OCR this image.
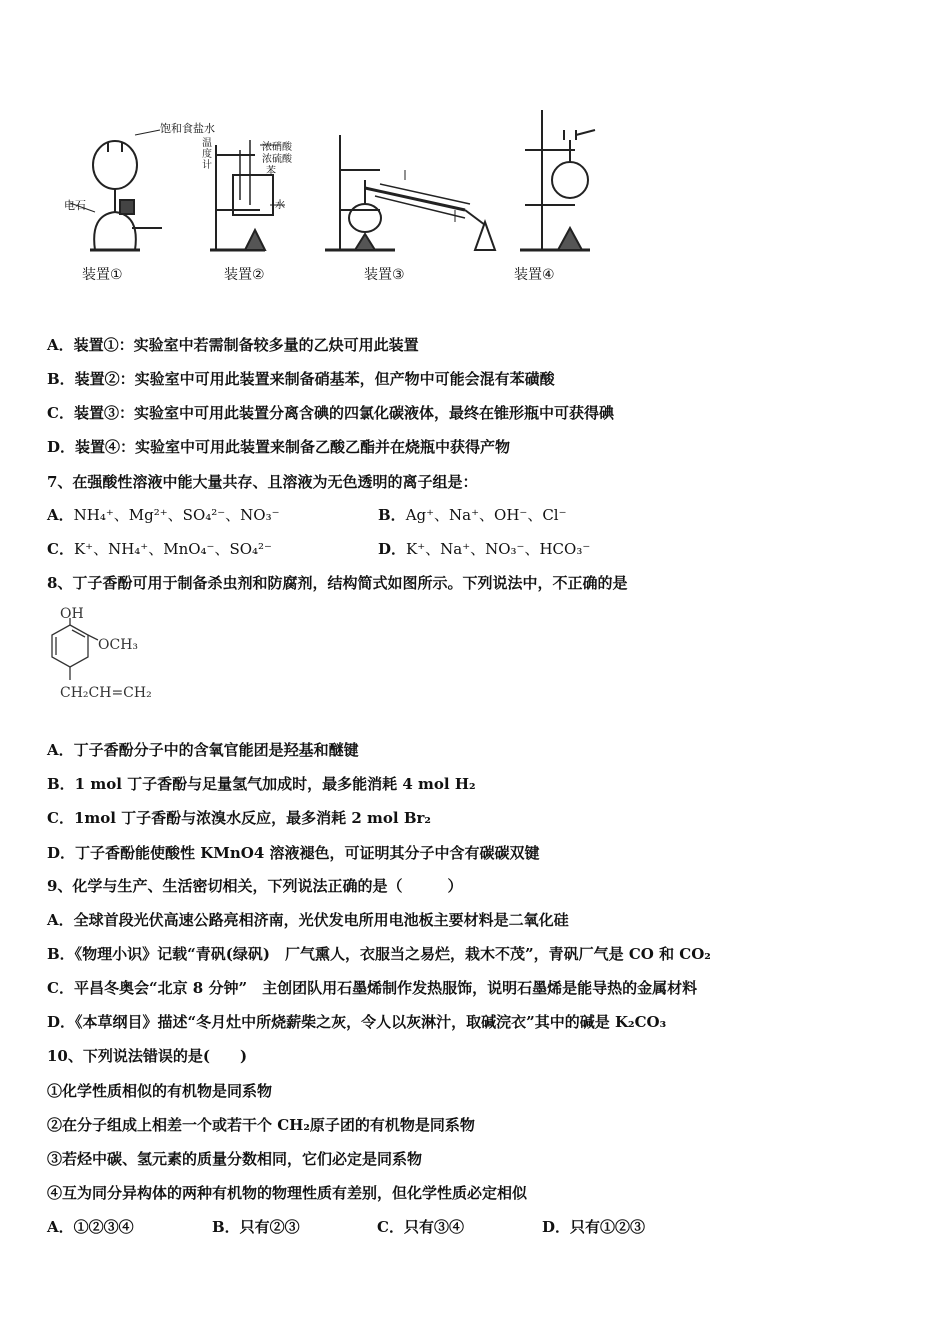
饱和食盐水
电石
温度计
浓硝酸
浓硫酸
苯
水
装置①	装置②	装置③	装置④
A．装置①：实验室中若需制备较多量的乙炔可用此装置
B．装置②：实验室中可用此装置来制备硝基苯，但产物中可能会混有苯磺酸
C．装置③：实验室中可用此装置分离含碘的四氯化碳液体，最终在锥形瓶中可获得碘
D．装置④：实验室中可用此装置来制备乙酸乙酯并在烧瓶中获得产物
7、在强酸性溶液中能大量共存、且溶液为无色透明的离子组是：
A．NH₄⁺、Mg²⁺、SO₄²⁻、NO₃⁻	B．Ag⁺、Na⁺、OH⁻、Cl⁻
C．K⁺、NH₄⁺、MnO₄⁻、SO₄²⁻	D．K⁺、Na⁺、NO₃⁻、HCO₃⁻
8、丁子香酚可用于制备杀虫剂和防腐剂，结构简式如图所示。下列说法中，不正确的是
OH
OCH₃
CH₂CH=CH₂
A．丁子香酚分子中的含氧官能团是羟基和醚键
B．1 mol 丁子香酚与足量氢气加成时，最多能消耗 4 mol H₂
C．1mol 丁子香酚与浓溴水反应，最多消耗 2 mol Br₂
D．丁子香酚能使酸性 KMnO4 溶液褪色，可证明其分子中含有碳碳双键
9、化学与生产、生活密切相关，下列说法正确的是（　　　）
A．全球首段光伏高速公路亮相济南，光伏发电所用电池板主要材料是二氧化硅
B．《物理小识》记载“青矾(绿矾)　厂气熏人，衣服当之易烂，栽木不茂”，青矾厂气是 CO 和 CO₂
C．平昌冬奥会“北京 8 分钟”　主创团队用石墨烯制作发热服饰，说明石墨烯是能导热的金属材料
D．《本草纲目》描述“冬月灶中所烧薪柴之灰，令人以灰淋汁，取碱浣衣”其中的碱是 K₂CO₃
10、下列说法错误的是(　　)
①化学性质相似的有机物是同系物
②在分子组成上相差一个或若干个 CH₂原子团的有机物是同系物
③若烃中碳、氢元素的质量分数相同，它们必定是同系物
④互为同分异构体的两种有机物的物理性质有差别，但化学性质必定相似
A．①②③④	B．只有②③	C．只有③④	D．只有①②③
